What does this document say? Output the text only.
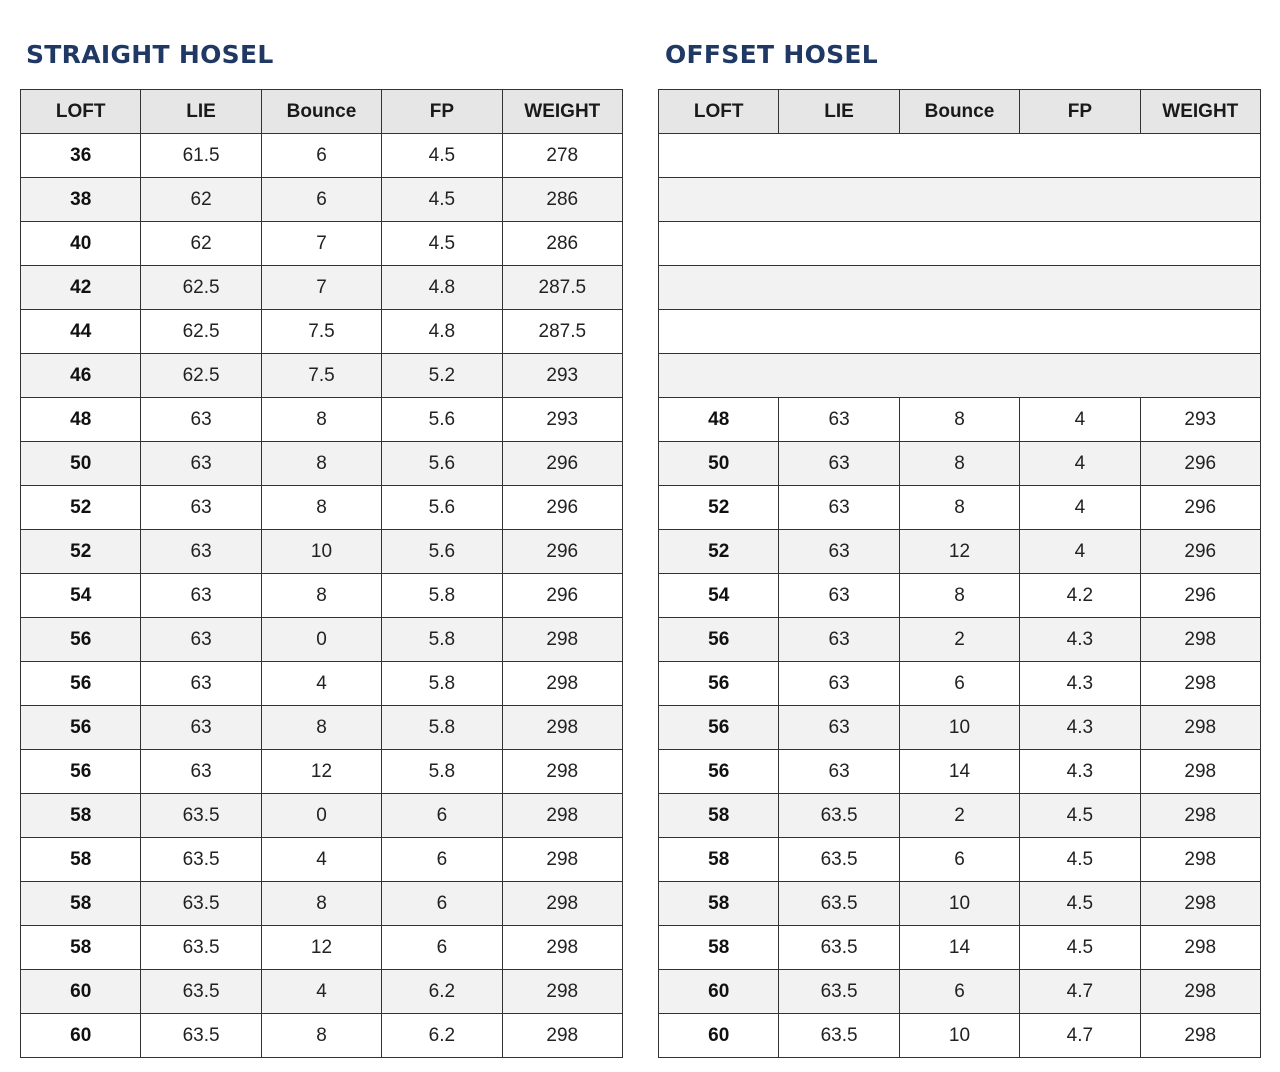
STRAIGHT HOSEL	OFFSET HOSEL
LOFT	LIE	Bounce	FP	WEIGHT
36	61.5	6	4.5	278
38	62	6	4.5	286
40	62	7	4.5	286
42	62.5	7	4.8	287.5
44	62.5	7.5	4.8	287.5
46	62.5	7.5	5.2	293
48	63	8	5.6	293
50	63	8	5.6	296
52	63	8	5.6	296
52	63	10	5.6	296
54	63	8	5.8	296
56	63	0	5.8	298
56	63	4	5.8	298
56	63	8	5.8	298
56	63	12	5.8	298
58	63.5	0	6	298
58	63.5	4	6	298
58	63.5	8	6	298
58	63.5	12	6	298
60	63.5	4	6.2	298
60	63.5	8	6.2	298
LOFT	LIE	Bounce	FP	WEIGHT

48	63	8	4	293
50	63	8	4	296
52	63	8	4	296
52	63	12	4	296
54	63	8	4.2	296
56	63	2	4.3	298
56	63	6	4.3	298
56	63	10	4.3	298
56	63	14	4.3	298
58	63.5	2	4.5	298
58	63.5	6	4.5	298
58	63.5	10	4.5	298
58	63.5	14	4.5	298
60	63.5	6	4.7	298
60	63.5	10	4.7	298
